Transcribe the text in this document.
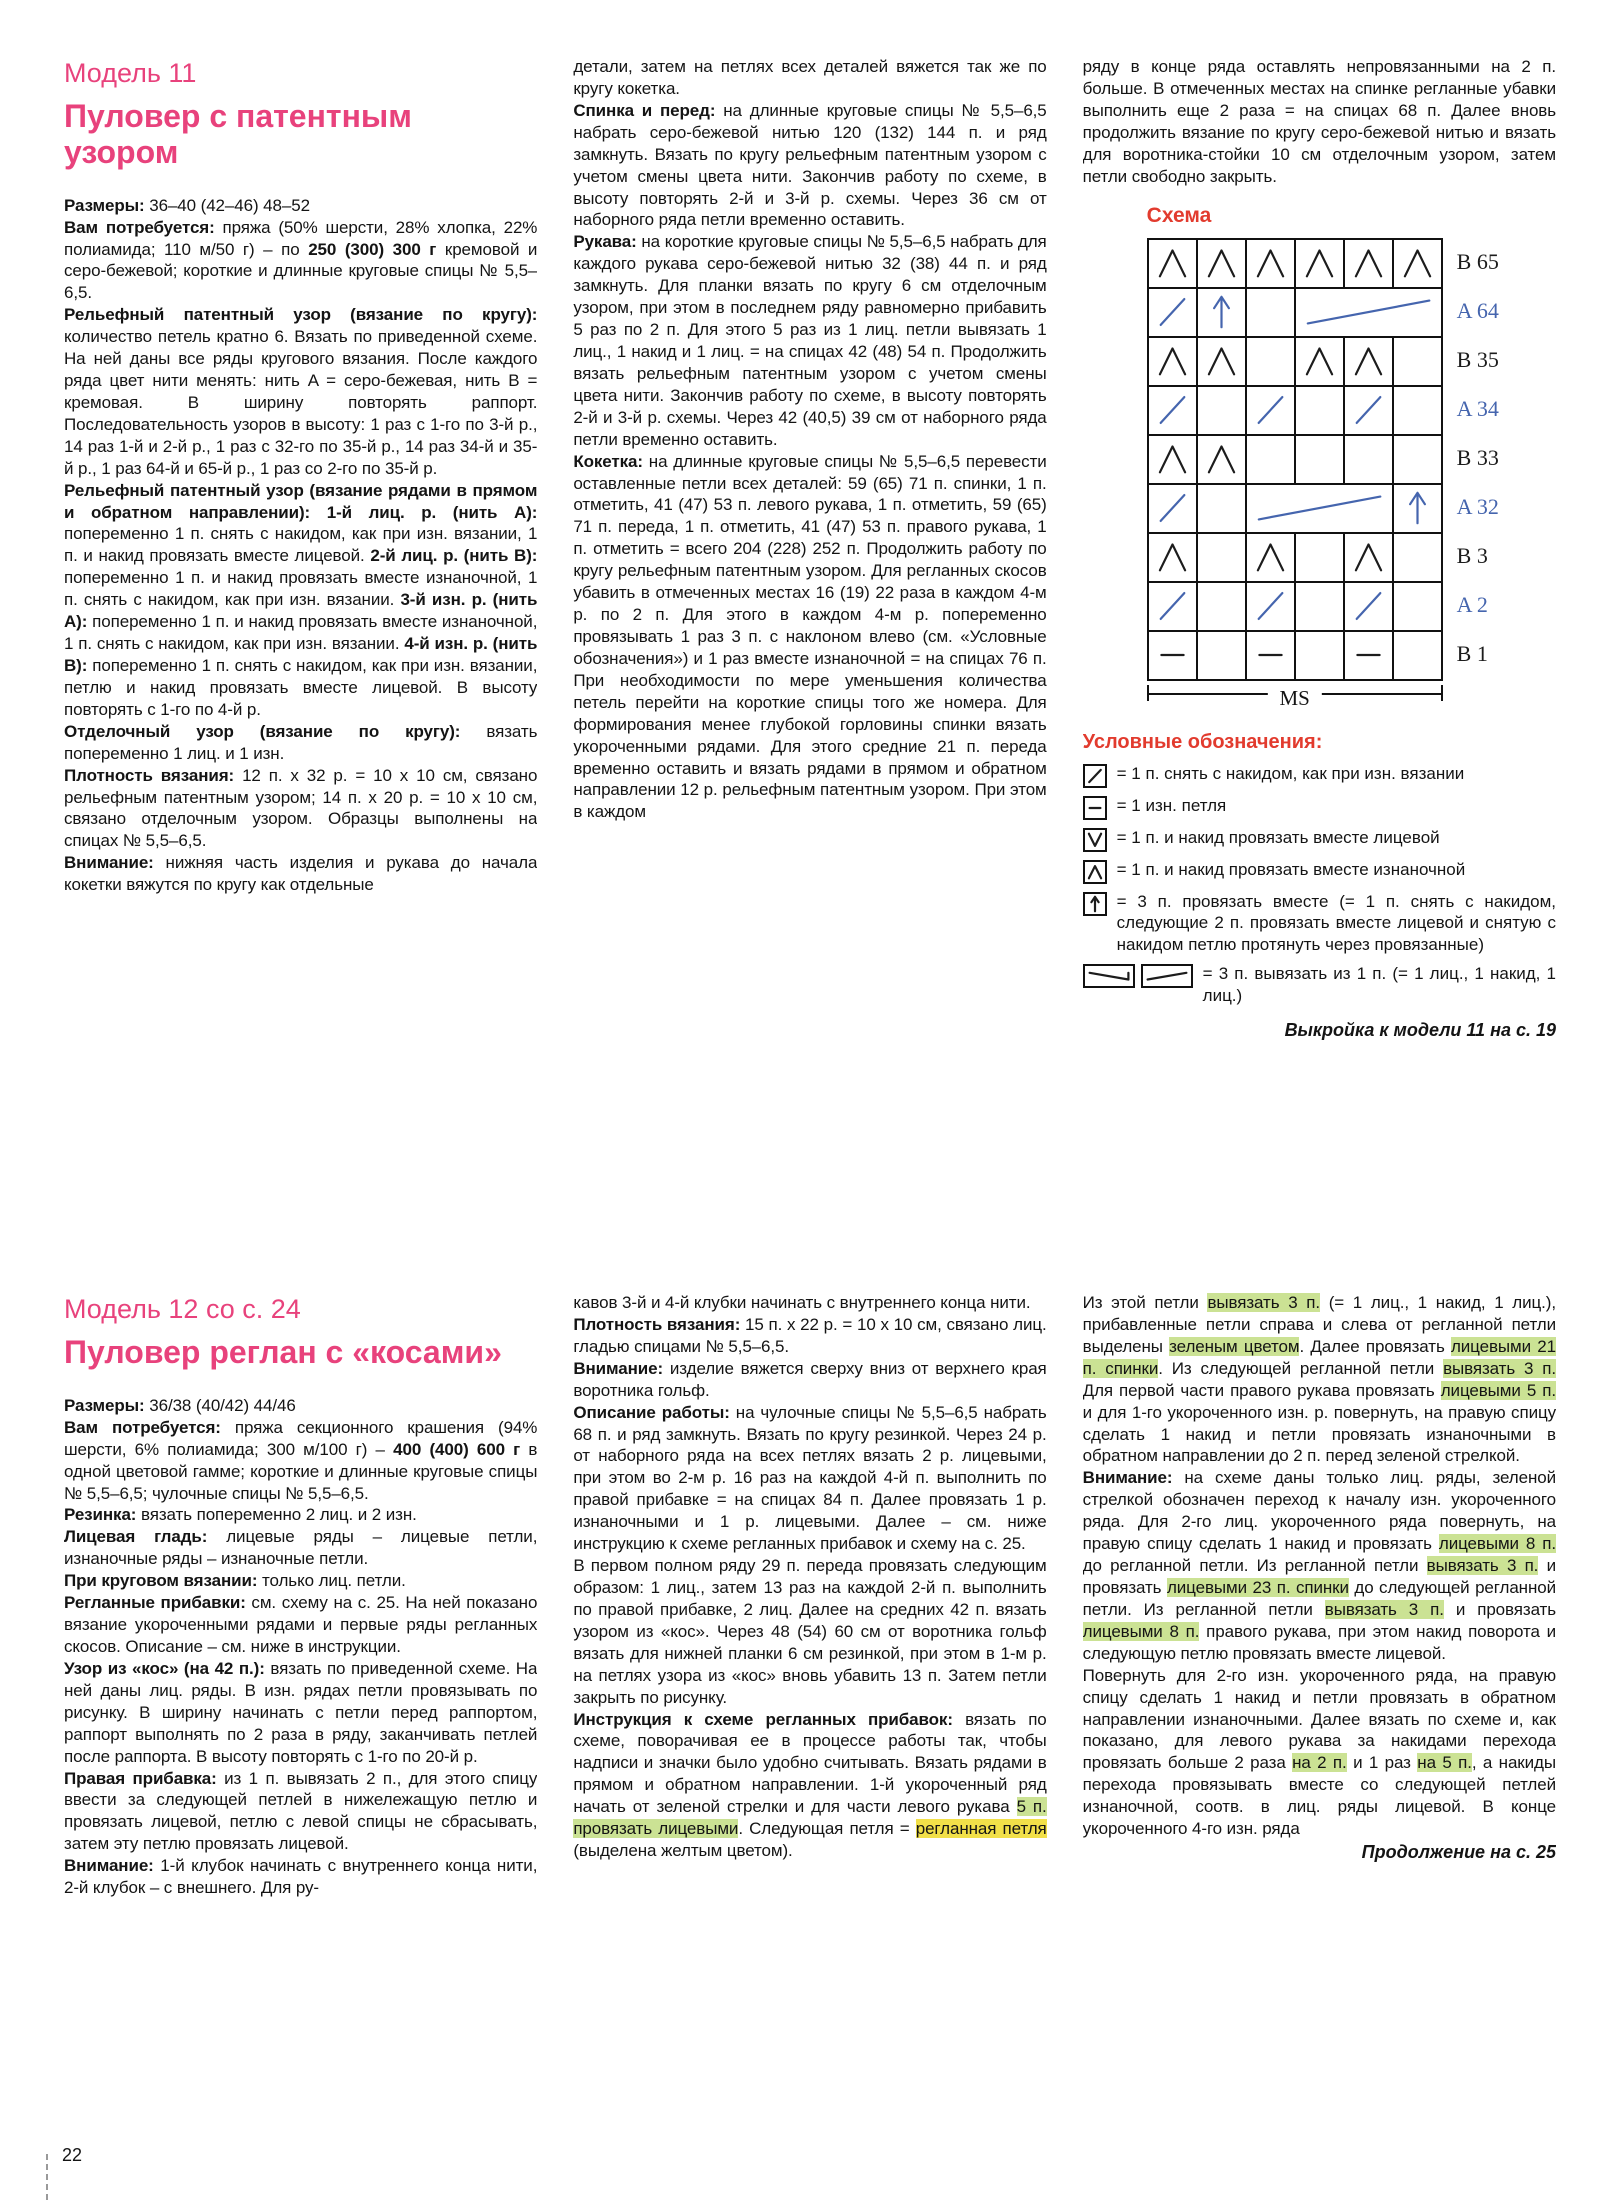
Модель 11
Пуловер с патентным узором

Размеры: 36–40 (42–46) 48–52

Вам потребуется: пряжа (50% шерсти, 28% хлопка, 22% полиамида; 110 м/50 г) – по 250 (300) 300 г кремовой и серо-бежевой; короткие и длинные круговые спицы № 5,5–6,5.

Рельефный патентный узор (вязание по кругу): количество петель кратно 6. Вязать по приведенной схеме. На ней даны все ряды кругового вязания. После каждого ряда цвет нити менять: нить A = серо-бежевая, нить B = кремовая. В ширину повторять раппорт. Последовательность узоров в высоту: 1 раз с 1-го по 3-й р., 14 раз 1-й и 2-й р., 1 раз с 32-го по 35-й р., 14 раз 34-й и 35-й р., 1 раз 64-й и 65-й р., 1 раз со 2-го по 35-й р.

Рельефный патентный узор (вязание рядами в прямом и обратном направлении): 1-й лиц. р. (нить A): попеременно 1 п. снять с накидом, как при изн. вязании, 1 п. и накид провязать вместе лицевой. 2-й лиц. р. (нить B): попеременно 1 п. и накид провязать вместе изнаночной, 1 п. снять с накидом, как при изн. вязании. 3-й изн. р. (нить A): попеременно 1 п. и накид провязать вместе изнаночной, 1 п. снять с накидом, как при изн. вязании. 4-й изн. р. (нить B): попеременно 1 п. снять с накидом, как при изн. вязании, петлю и накид провязать вместе лицевой. В высоту повторять с 1-го по 4-й р.

Отделочный узор (вязание по кругу): вязать попеременно 1 лиц. и 1 изн.

Плотность вязания: 12 п. х 32 р. = 10 х 10 см, связано рельефным патентным узором; 14 п. х 20 р. = 10 х 10 см, связано отделочным узором. Образцы выполнены на спицах № 5,5–6,5.

Внимание: нижняя часть изделия и рукава до начала кокетки вяжутся по кругу как отдельные

детали, затем на петлях всех деталей вяжется так же по кругу кокетка.

Спинка и перед: на длинные круговые спицы № 5,5–6,5 набрать серо-бежевой нитью 120 (132) 144 п. и ряд замкнуть. Вязать по кругу рельефным патентным узором с учетом смены цвета нити. Закончив работу по схеме, в высоту повторять 2-й и 3-й р. схемы. Через 36 см от наборного ряда петли временно оставить.

Рукава: на короткие круговые спицы № 5,5–6,5 набрать для каждого рукава серо-бежевой нитью 32 (38) 44 п. и ряд замкнуть. Для планки вязать по кругу 6 см отделочным узором, при этом в последнем ряду равномерно прибавить 5 раз по 2 п. Для этого 5 раз из 1 лиц. петли вывязать 1 лиц., 1 накид и 1 лиц. = на спицах 42 (48) 54 п. Продолжить вязать рельефным патентным узором с учетом смены цвета нити. Закончив работу по схеме, в высоту повторять 2-й и 3-й р. схемы. Через 42 (40,5) 39 см от наборного ряда петли временно оставить.

Кокетка: на длинные круговые спицы № 5,5–6,5 перевести оставленные петли всех деталей: 59 (65) 71 п. спинки, 1 п. отметить, 41 (47) 53 п. левого рукава, 1 п. отметить, 59 (65) 71 п. переда, 1 п. отметить, 41 (47) 53 п. правого рукава, 1 п. отметить = всего 204 (228) 252 п. Продолжить работу по кругу рельефным патентным узором. Для регланных скосов убавить в отмеченных местах 16 (19) 22 раза в каждом 4-м р. по 2 п. Для этого в каждом 4-м р. попеременно провязывать 1 раз 3 п. с наклоном влево (см. «Условные обозначения») и 1 раз вместе изнаночной = на спицах 76 п. При необходимости по мере уменьшения количества петель перейти на короткие спицы того же номера. Для формирования менее глубокой горловины спинки вязать укороченными рядами. Для этого средние 21 п. переда временно оставить и вязать рядами в прямом и обратном направлении 12 р. рельефным патентным узором. При этом в каждом

ряду в конце ряда оставлять непровязанными на 2 п. больше. В отмеченных местах на спинке регланные убавки выполнить еще 2 раза = на спицах 68 п. Далее вновь продолжить вязание по кругу серо-бежевой нитью и вязать для воротника-стойки 10 см отделочным узором, затем петли свободно закрыть.

Схема
B 65
A 64
B 35
A 34
B 33
A 32
B 3
A 2
B 1
MS
Условные обозначения:
= 1 п. снять с накидом, как при изн. вязании
= 1 изн. петля
= 1 п. и накид провязать вместе лицевой
= 1 п. и накид провязать вместе изнаночной
= 3 п. провязать вместе (= 1 п. снять с накидом, следующие 2 п. провязать вместе лицевой и снятую с накидом петлю протянуть через провязанные)
= 3 п. вывязать из 1 п. (= 1 лиц., 1 накид, 1 лиц.)
Выкройка к модели 11 на с. 19
Модель 12 со с. 24
Пуловер реглан с «косами»

Размеры: 36/38 (40/42) 44/46

Вам потребуется: пряжа секционного крашения (94% шерсти, 6% полиамида; 300 м/100 г) – 400 (400) 600 г в одной цветовой гамме; короткие и длинные круговые спицы № 5,5–6,5; чулочные спицы № 5,5–6,5.

Резинка: вязать попеременно 2 лиц. и 2 изн.

Лицевая гладь: лицевые ряды – лицевые петли, изнаночные ряды – изнаночные петли.

При круговом вязании: только лиц. петли.

Регланные прибавки: см. схему на с. 25. На ней показано вязание укороченными рядами и первые ряды регланных скосов. Описание – см. ниже в инструкции.

Узор из «кос» (на 42 п.): вязать по приведенной схеме. На ней даны лиц. ряды. В изн. рядах петли провязывать по рисунку. В ширину начинать с петли перед раппортом, раппорт выполнять по 2 раза в ряду, заканчивать петлей после раппорта. В высоту повторять с 1-го по 20-й р.

Правая прибавка: из 1 п. вывязать 2 п., для этого спицу ввести за следующей петлей в нижележащую петлю и провязать лицевой, петлю с левой спицы не сбрасывать, затем эту петлю провязать лицевой.

Внимание: 1-й клубок начинать с внутреннего конца нити, 2-й клубок – с внешнего. Для ру-

кавов 3-й и 4-й клубки начинать с внутреннего конца нити.

Плотность вязания: 15 п. х 22 р. = 10 х 10 см, связано лиц. гладью спицами № 5,5–6,5.

Внимание: изделие вяжется сверху вниз от верхнего края воротника гольф.

Описание работы: на чулочные спицы № 5,5–6,5 набрать 68 п. и ряд замкнуть. Вязать по кругу резинкой. Через 24 р. от наборного ряда на всех петлях вязать 2 р. лицевыми, при этом во 2-м р. 16 раз на каждой 4-й п. выполнить по правой прибавке = на спицах 84 п. Далее провязать 1 р. изнаночными и 1 р. лицевыми. Далее – см. ниже инструкцию к схеме регланных прибавок и схему на с. 25.

В первом полном ряду 29 п. переда провязать следующим образом: 1 лиц., затем 13 раз на каждой 2-й п. выполнить по правой прибавке, 2 лиц. Далее на средних 42 п. вязать узором из «кос». Через 48 (54) 60 см от воротника гольф вязать для нижней планки 6 см резинкой, при этом в 1-м р. на петлях узора из «кос» вновь убавить 13 п. Затем петли закрыть по рисунку.

Инструкция к схеме регланных прибавок: вязать по схеме, поворачивая ее в процессе работы так, чтобы надписи и значки было удобно считывать. Вязать рядами в прямом и обратном направлении. 1-й укороченный ряд начать от зеленой стрелки и для части левого рукава 5 п. провязать лицевыми. Следующая петля = регланная петля (выделена желтым цветом).

Из этой петли вывязать 3 п. (= 1 лиц., 1 накид, 1 лиц.), прибавленные петли справа и слева от регланной петли выделены зеленым цветом. Далее провязать лицевыми 21 п. спинки. Из следующей регланной петли вывязать 3 п. Для первой части правого рукава провязать лицевыми 5 п. и для 1-го укороченного изн. р. повернуть, на правую спицу сделать 1 накид и петли провязать изнаночными в обратном направлении до 2 п. перед зеленой стрелкой.

Внимание: на схеме даны только лиц. ряды, зеленой стрелкой обозначен переход к началу изн. укороченного ряда. Для 2-го лиц. укороченного ряда повернуть, на правую спицу сделать 1 накид и провязать лицевыми 8 п. до регланной петли. Из регланной петли вывязать 3 п. и провязать лицевыми 23 п. спинки до следующей регланной петли. Из регланной петли вывязать 3 п. и провязать лицевыми 8 п. правого рукава, при этом накид поворота и следующую петлю провязать вместе лицевой.

Повернуть для 2-го изн. укороченного ряда, на правую спицу сделать 1 накид и петли провязать в обратном направлении изнаночными. Далее вязать по схеме и, как показано, для левого рукава за накидами перехода провязать больше 2 раза на 2 п. и 1 раз на 5 п., а накиды перехода провязывать вместе со следующей петлей изнаночной, соотв. в лиц. ряды лицевой. В конце укороченного 4-го изн. ряда

Продолжение на с. 25
22
